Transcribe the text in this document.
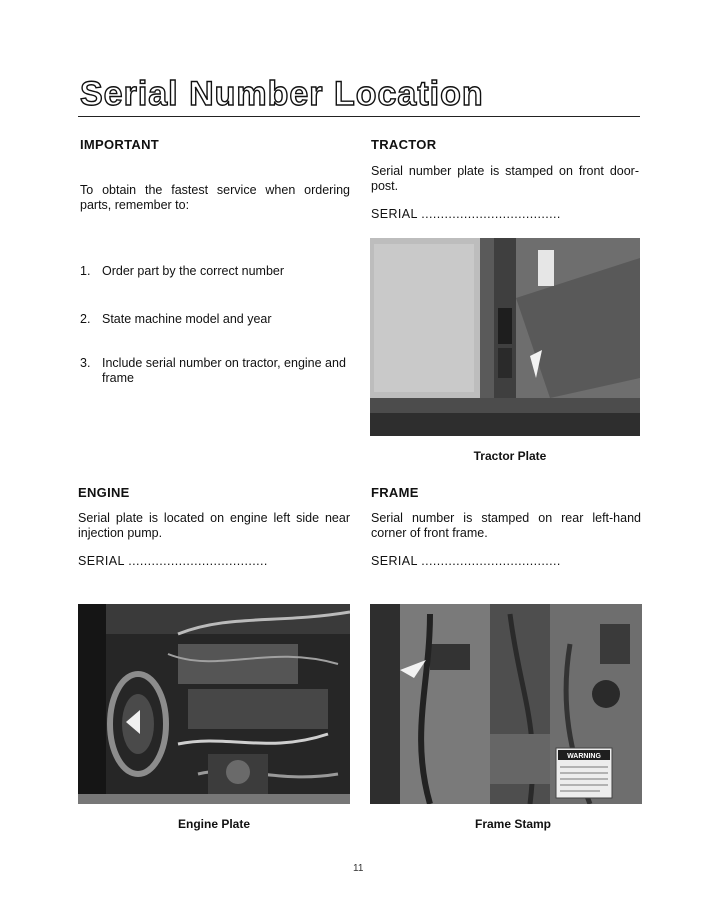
Serial Number Location
IMPORTANT
To obtain the fastest service when ordering parts, remember to:
1. Order part by the correct number
2. State machine model and year
3. Include serial number on tractor, engine and frame
TRACTOR
Serial number plate is stamped on front door-post.
SERIAL ....................................
Tractor Plate
ENGINE
Serial plate is located on engine left side near injection pump.
SERIAL ....................................
Engine Plate
FRAME
Serial number is stamped on rear left-hand corner of front frame.
SERIAL ....................................
WARNING
Frame Stamp
11
